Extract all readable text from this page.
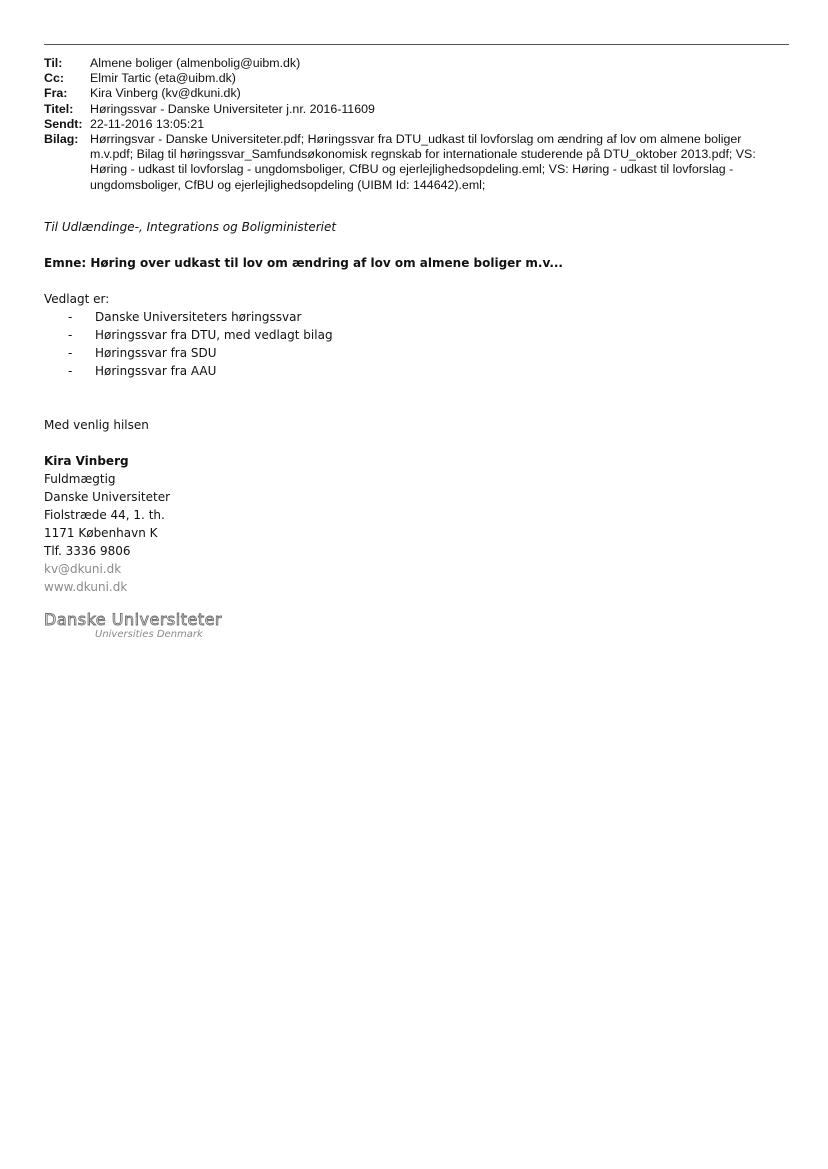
Til:	Almene boliger (almenbolig@uibm.dk)
Cc:	Elmir Tartic (eta@uibm.dk)
Fra:	Kira Vinberg (kv@dkuni.dk)
Titel:	Høringssvar - Danske Universiteter j.nr. 2016-11609
Sendt: 22-11-2016 13:05:21
Bilag: Hørringsvar - Danske Universiteter.pdf; Høringssvar fra DTU_udkast til lovforslag om ændring af lov om almene boliger m.v.pdf; Bilag til høringssvar_Samfundsøkonomisk regnskab for internationale studerende på DTU_oktober 2013.pdf; VS: Høring - udkast til lovforslag - ungdomsboliger, CfBU og ejerlejlighedsopdeling.eml; VS: Høring - udkast til lovforslag - ungdomsboliger, CfBU og ejerlejlighedsopdeling (UIBM Id: 144642).eml;

Til Udlændinge-, Integrations og Boligministeriet

Emne: Høring over udkast til lov om ændring af lov om almene boliger m.v...

Vedlagt er:

- Danske Universiteters høringssvar
- Høringssvar fra DTU, med vedlagt bilag
- Høringssvar fra SDU
- Høringssvar fra AAU

Med venlig hilsen

Kira Vinberg
Fuldmægtig
Danske Universiteter
Fiolstræde 44, 1. th.
1171 København K
Tlf. 3336 9806
kv@dkuni.dk
www.dkuni.dk
Danske Universiteter
Universities Denmark
